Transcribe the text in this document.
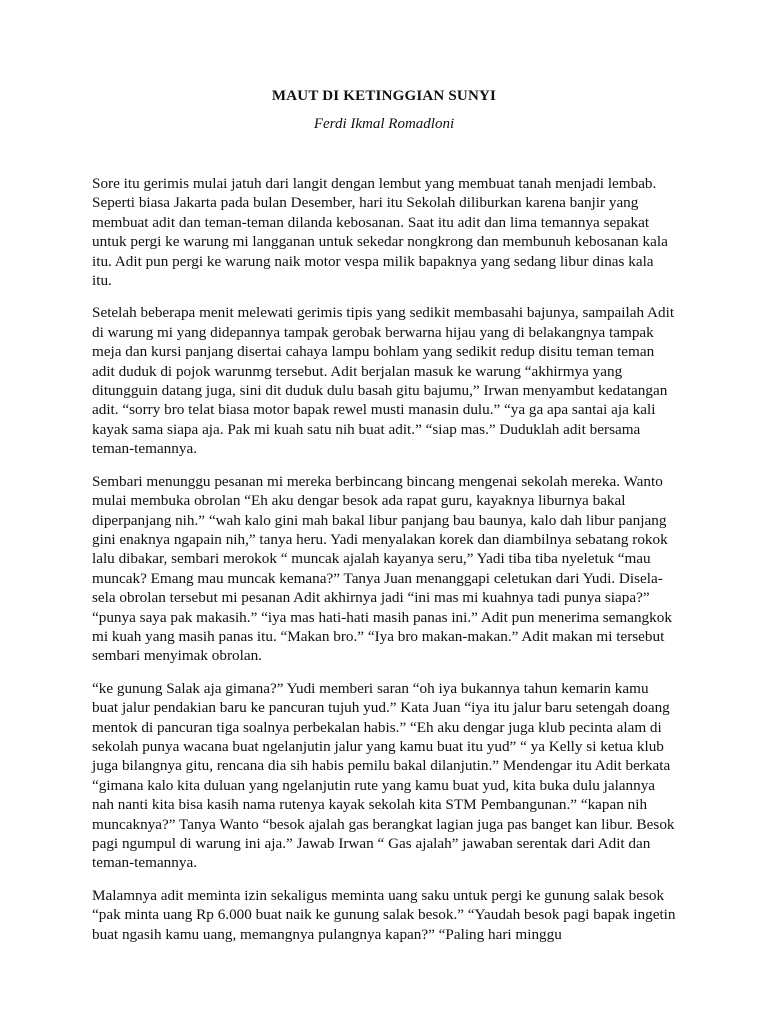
MAUT DI KETINGGIAN SUNYI
Ferdi Ikmal Romadloni

Sore itu gerimis mulai jatuh dari langit dengan lembut yang membuat tanah menjadi lembab. Seperti biasa Jakarta pada bulan Desember, hari itu Sekolah diliburkan karena banjir yang membuat adit dan teman-teman dilanda kebosanan. Saat itu adit dan lima temannya sepakat untuk pergi ke warung mi langganan untuk sekedar nongkrong dan membunuh kebosanan kala itu. Adit pun pergi ke warung naik motor vespa milik bapaknya yang sedang libur dinas kala itu.

Setelah beberapa menit melewati gerimis tipis yang sedikit membasahi bajunya, sampailah Adit di warung mi yang didepannya tampak gerobak berwarna hijau yang di belakangnya tampak meja dan kursi panjang disertai cahaya lampu bohlam yang sedikit redup disitu teman teman adit duduk di pojok warunmg tersebut. Adit berjalan masuk ke warung “akhirmya yang ditungguin datang juga, sini dit duduk dulu basah gitu bajumu,” Irwan menyambut kedatangan adit. “sorry bro telat biasa motor bapak rewel musti manasin dulu.” “ya ga apa santai aja kali kayak sama siapa aja. Pak mi kuah satu nih buat adit.” “siap mas.” Duduklah adit bersama teman-temannya.

Sembari menunggu pesanan mi mereka berbincang bincang mengenai sekolah mereka. Wanto mulai membuka obrolan “Eh aku dengar besok ada rapat guru, kayaknya liburnya bakal diperpanjang nih.” “wah kalo gini mah bakal libur panjang bau baunya, kalo dah libur panjang gini enaknya ngapain nih,” tanya heru. Yadi menyalakan korek dan diambilnya sebatang rokok lalu dibakar, sembari merokok “ muncak ajalah kayanya seru,” Yadi tiba tiba nyeletuk “mau muncak? Emang mau muncak kemana?” Tanya Juan menanggapi celetukan dari Yudi. Disela-sela obrolan tersebut mi pesanan Adit akhirnya jadi “ini mas mi kuahnya tadi punya siapa?” “punya saya pak makasih.” “iya mas hati-hati masih panas ini.” Adit pun menerima semangkok mi kuah yang masih panas itu. “Makan bro.” “Iya bro makan-makan.” Adit makan mi tersebut sembari menyimak obrolan.

“ke gunung Salak aja gimana?” Yudi memberi saran “oh iya bukannya tahun kemarin kamu buat jalur pendakian baru ke pancuran tujuh yud.” Kata Juan “iya itu jalur baru setengah doang mentok di pancuran tiga soalnya perbekalan habis.” “Eh aku dengar juga klub pecinta alam di sekolah punya wacana buat ngelanjutin jalur yang kamu buat itu yud” “ ya Kelly si ketua klub juga bilangnya gitu, rencana dia sih habis pemilu bakal dilanjutin.” Mendengar itu Adit berkata “gimana kalo kita duluan yang ngelanjutin rute yang kamu buat yud, kita buka dulu jalannya nah nanti kita bisa kasih nama rutenya kayak sekolah kita STM Pembangunan.” “kapan nih muncaknya?” Tanya Wanto “besok ajalah gas berangkat lagian juga pas banget kan libur. Besok pagi ngumpul di warung ini aja.” Jawab Irwan “ Gas ajalah” jawaban serentak dari Adit dan teman-temannya.

Malamnya adit meminta izin sekaligus meminta uang saku untuk pergi ke gunung salak besok “pak minta uang Rp 6.000 buat naik ke gunung salak besok.” “Yaudah besok pagi bapak ingetin buat ngasih kamu uang, memangnya pulangnya kapan?” “Paling hari minggu
